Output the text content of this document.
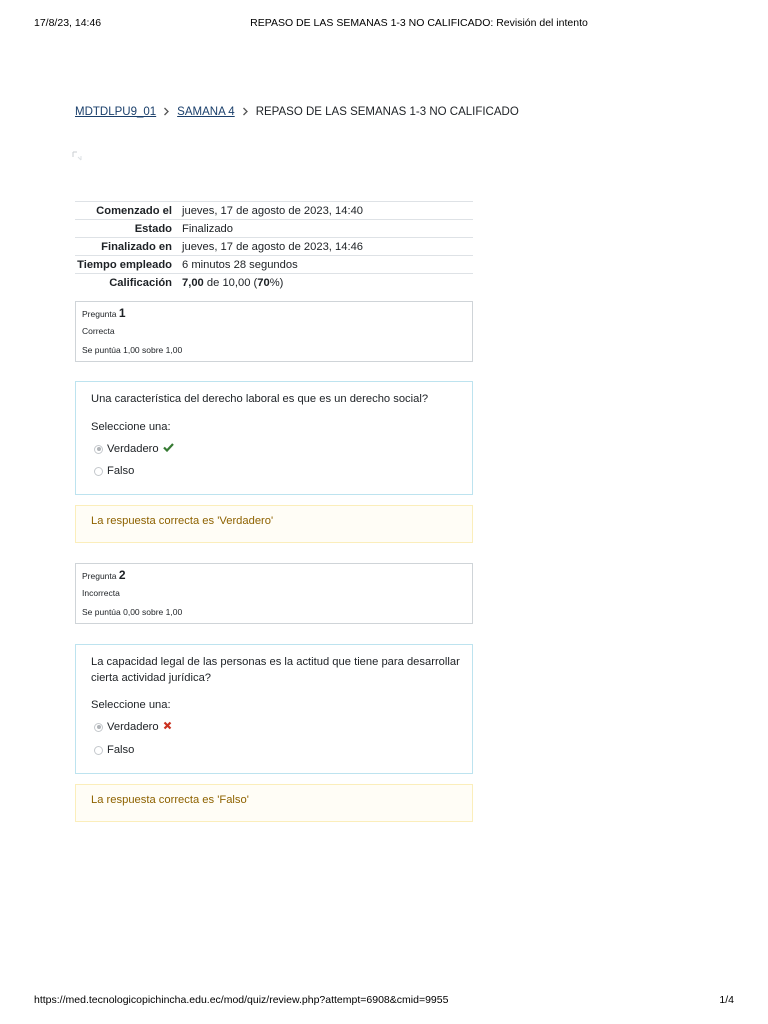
17/8/23, 14:46	REPASO DE LAS SEMANAS 1-3 NO CALIFICADO: Revisión del intento
MDTDLPU9_01 SAMANA 4 REPASO DE LAS SEMANAS 1-3 NO CALIFICADO
Comenzado el	jueves, 17 de agosto de 2023, 14:40
Estado	Finalizado
Finalizado en	jueves, 17 de agosto de 2023, 14:46
Tiempo empleado	6 minutos 28 segundos
Calificación	7,00 de 10,00 (70%)
Pregunta 1
Correcta
Se puntúa 1,00 sobre 1,00
Una característica del derecho laboral es que es un derecho social?
Seleccione una:
Verdadero
Falso
La respuesta correcta es 'Verdadero'
Pregunta 2
Incorrecta
Se puntúa 0,00 sobre 1,00
La capacidad legal de las personas es la actitud que tiene para desarrollar cierta actividad jurídica?
Seleccione una:
Verdadero
Falso
La respuesta correcta es 'Falso'
https://med.tecnologicopichincha.edu.ec/mod/quiz/review.php?attempt=6908&cmid=9955	1/4
